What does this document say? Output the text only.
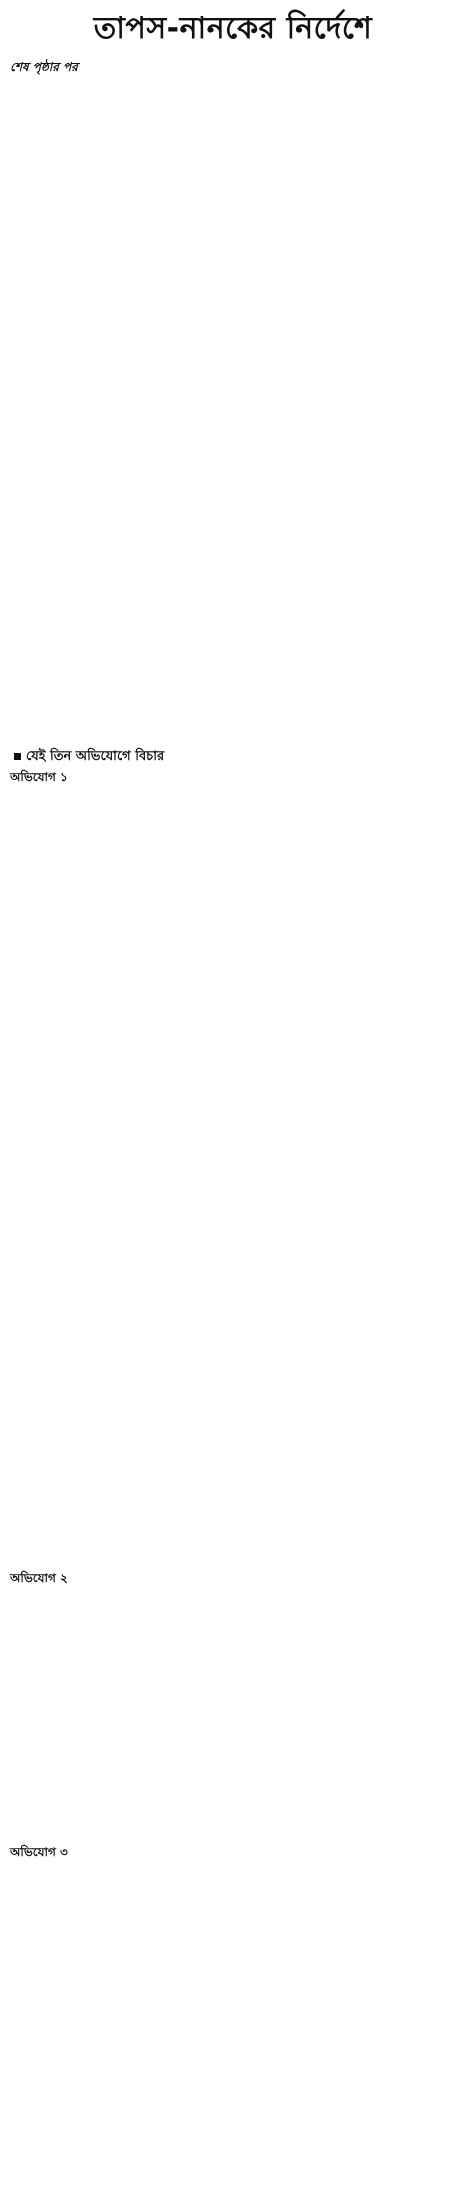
তাপস-নানকের নির্দেশে
শেষ পৃষ্ঠার পর
যেই তিন অভিযোগে বিচার
অভিযোগ ১
অভিযোগ ২
অভিযোগ ৩
